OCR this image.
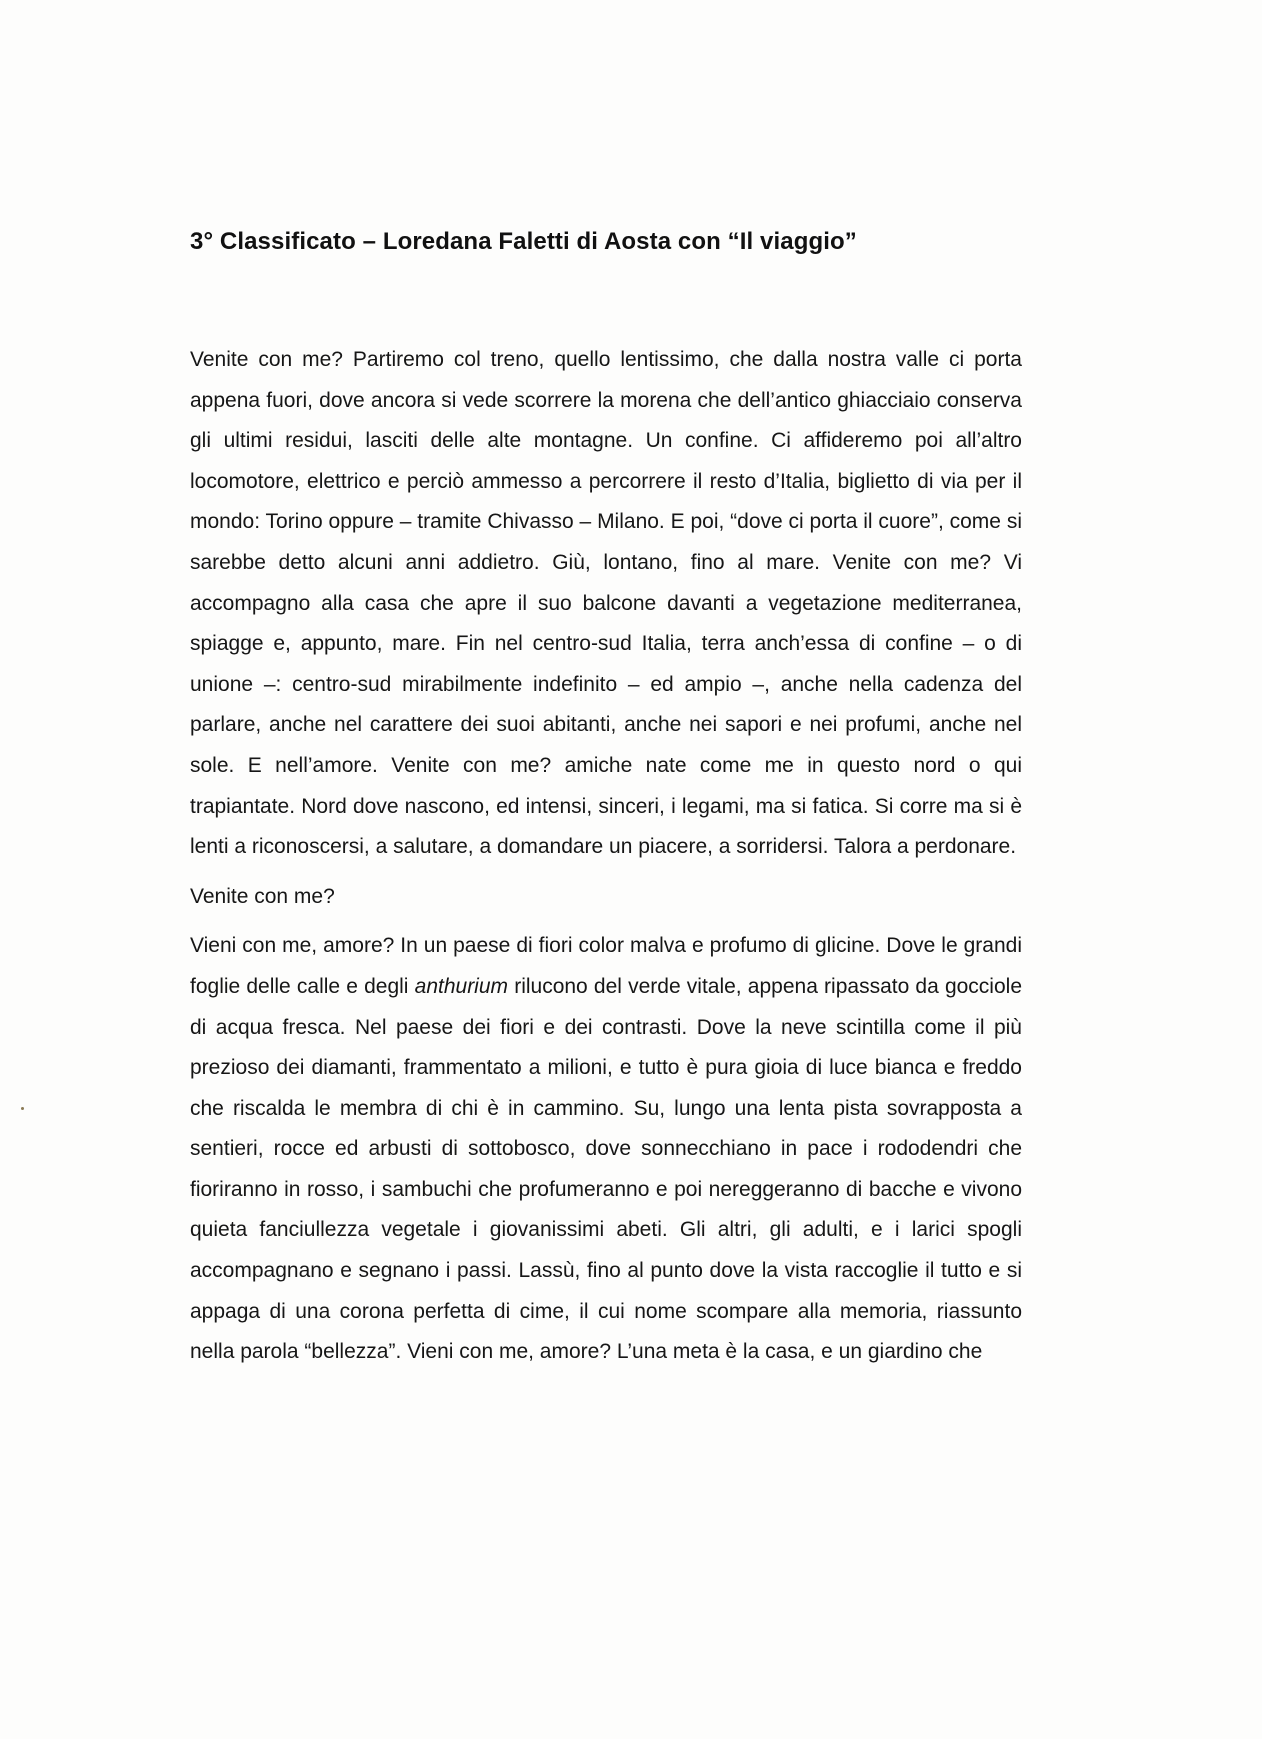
3° Classificato – Loredana Faletti di Aosta con “Il viaggio”

Venite con me? Partiremo col treno, quello lentissimo, che dalla nostra valle ci porta appena fuori, dove ancora si vede scorrere la morena che dell’antico ghiacciaio conserva gli ultimi residui, lasciti delle alte montagne. Un confine. Ci affideremo poi all’altro locomotore, elettrico e perciò ammesso a percorrere il resto d’Italia, biglietto di via per il mondo: Torino oppure – tramite Chivasso – Milano. E poi, “dove ci porta il cuore”, come si sarebbe detto alcuni anni addietro. Giù, lontano, fino al mare. Venite con me? Vi accompagno alla casa che apre il suo balcone davanti a vegetazione mediterranea, spiagge e, appunto, mare. Fin nel centro-sud Italia, terra anch’essa di confine – o di unione –: centro-sud mirabilmente indefinito – ed ampio –, anche nella cadenza del parlare, anche nel carattere dei suoi abitanti, anche nei sapori e nei profumi, anche nel sole. E nell’amore. Venite con me? amiche nate come me in questo nord o qui trapiantate. Nord dove nascono, ed intensi, sinceri, i legami, ma si fatica. Si corre ma si è lenti a riconoscersi, a salutare, a domandare un piacere, a sorridersi. Talora a perdonare.

Venite con me?

Vieni con me, amore? In un paese di fiori color malva e profumo di glicine. Dove le grandi foglie delle calle e degli anthurium rilucono del verde vitale, appena ripassato da gocciole di acqua fresca. Nel paese dei fiori e dei contrasti. Dove la neve scintilla come il più prezioso dei diamanti, frammentato a milioni, e tutto è pura gioia di luce bianca e freddo che riscalda le membra di chi è in cammino. Su, lungo una lenta pista sovrapposta a sentieri, rocce ed arbusti di sottobosco, dove sonnecchiano in pace i rododendri che fioriranno in rosso, i sambuchi che profumeranno e poi nereggeranno di bacche e vivono quieta fanciullezza vegetale i giovanissimi abeti. Gli altri, gli adulti, e i larici spogli accompagnano e segnano i passi. Lassù, fino al punto dove la vista raccoglie il tutto e si appaga di una corona perfetta di cime, il cui nome scompare alla memoria, riassunto nella parola “bellezza”. Vieni con me, amore? L’una meta è la casa, e un giardino che
